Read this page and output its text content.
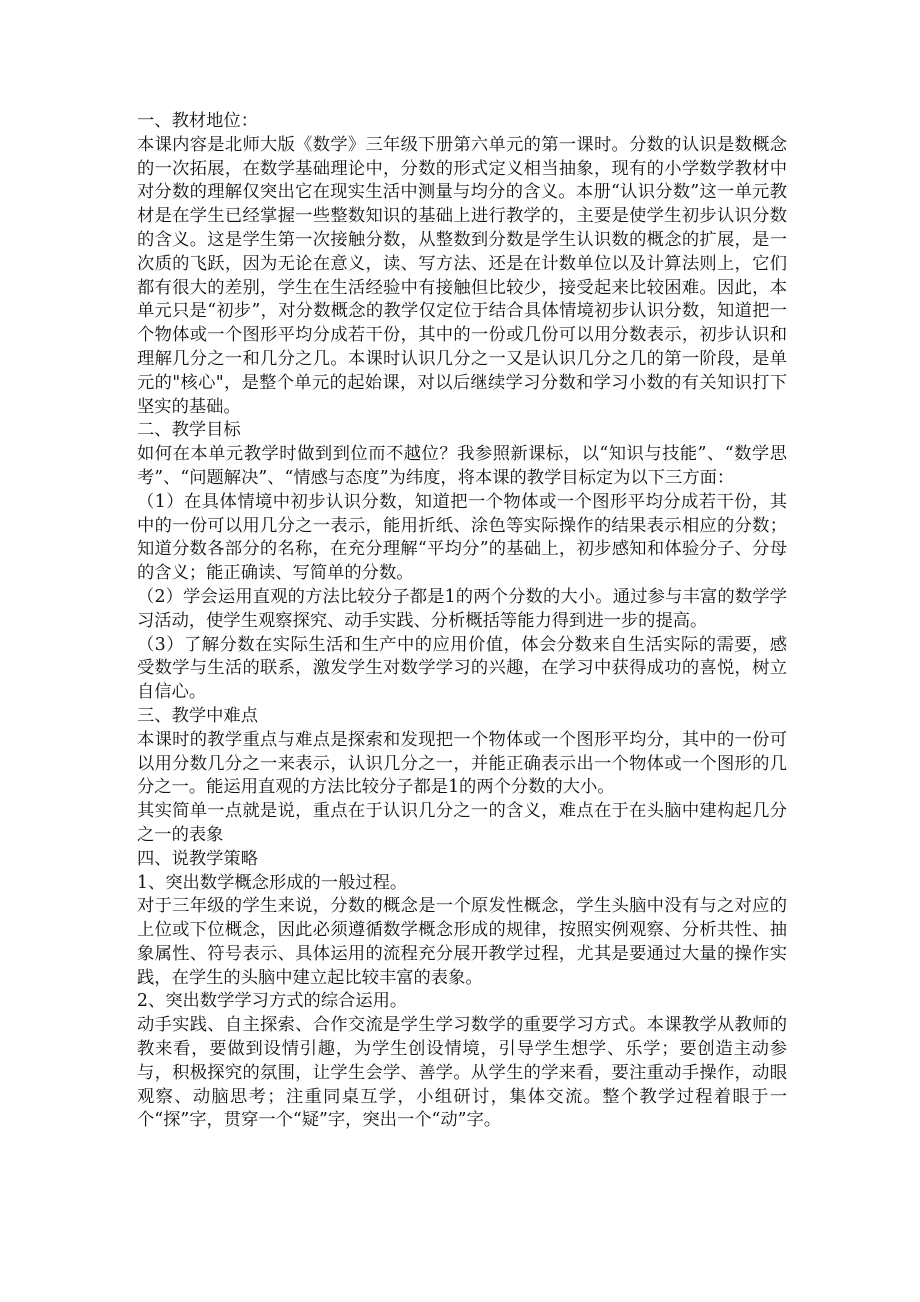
一、教材地位：

本课内容是北师大版《数学》三年级下册第六单元的第一课时。分数的认识是数概念的一次拓展，在数学基础理论中，分数的形式定义相当抽象，现有的小学数学教材中对分数的理解仅突出它在现实生活中测量与均分的含义。本册“认识分数”这一单元教材是在学生已经掌握一些整数知识的基础上进行教学的，主要是使学生初步认识分数的含义。这是学生第一次接触分数，从整数到分数是学生认识数的概念的扩展，是一次质的飞跃，因为无论在意义，读、写方法、还是在计数单位以及计算法则上，它们都有很大的差别，学生在生活经验中有接触但比较少，接受起来比较困难。因此，本单元只是“初步”，对分数概念的教学仅定位于结合具体情境初步认识分数，知道把一个物体或一个图形平均分成若干份，其中的一份或几份可以用分数表示，初步认识和理解几分之一和几分之几。本课时认识几分之一又是认识几分之几的第一阶段，是单元的"核心"，是整个单元的起始课，对以后继续学习分数和学习小数的有关知识打下坚实的基础。

二、教学目标

如何在本单元教学时做到到位而不越位？我参照新课标，以“知识与技能”、“数学思考”、“问题解决”、“情感与态度”为纬度，将本课的教学目标定为以下三方面：

（1）在具体情境中初步认识分数，知道把一个物体或一个图形平均分成若干份，其中的一份可以用几分之一表示，能用折纸、涂色等实际操作的结果表示相应的分数；知道分数各部分的名称，在充分理解“平均分”的基础上，初步感知和体验分子、分母的含义；能正确读、写简单的分数。

（2）学会运用直观的方法比较分子都是1的两个分数的大小。通过参与丰富的数学学习活动，使学生观察探究、动手实践、分析概括等能力得到进一步的提高。

（3）了解分数在实际生活和生产中的应用价值，体会分数来自生活实际的需要，感受数学与生活的联系，激发学生对数学学习的兴趣，在学习中获得成功的喜悦，树立自信心。

三、教学中难点

本课时的教学重点与难点是探索和发现把一个物体或一个图形平均分，其中的一份可以用分数几分之一来表示，认识几分之一，并能正确表示出一个物体或一个图形的几分之一。能运用直观的方法比较分子都是1的两个分数的大小。

其实简单一点就是说，重点在于认识几分之一的含义，难点在于在头脑中建构起几分之一的表象

四、说教学策略

1、突出数学概念形成的一般过程。

对于三年级的学生来说，分数的概念是一个原发性概念，学生头脑中没有与之对应的上位或下位概念，因此必须遵循数学概念形成的规律，按照实例观察、分析共性、抽象属性、符号表示、具体运用的流程充分展开教学过程，尤其是要通过大量的操作实践，在学生的头脑中建立起比较丰富的表象。

2、突出数学学习方式的综合运用。

动手实践、自主探索、合作交流是学生学习数学的重要学习方式。本课教学从教师的教来看，要做到设情引趣，为学生创设情境，引导学生想学、乐学；要创造主动参与，积极探究的氛围，让学生会学、善学。从学生的学来看，要注重动手操作，动眼观察、动脑思考；注重同桌互学，小组研讨，集体交流。整个教学过程着眼于一个“探”字，贯穿一个“疑”字，突出一个“动”字。
